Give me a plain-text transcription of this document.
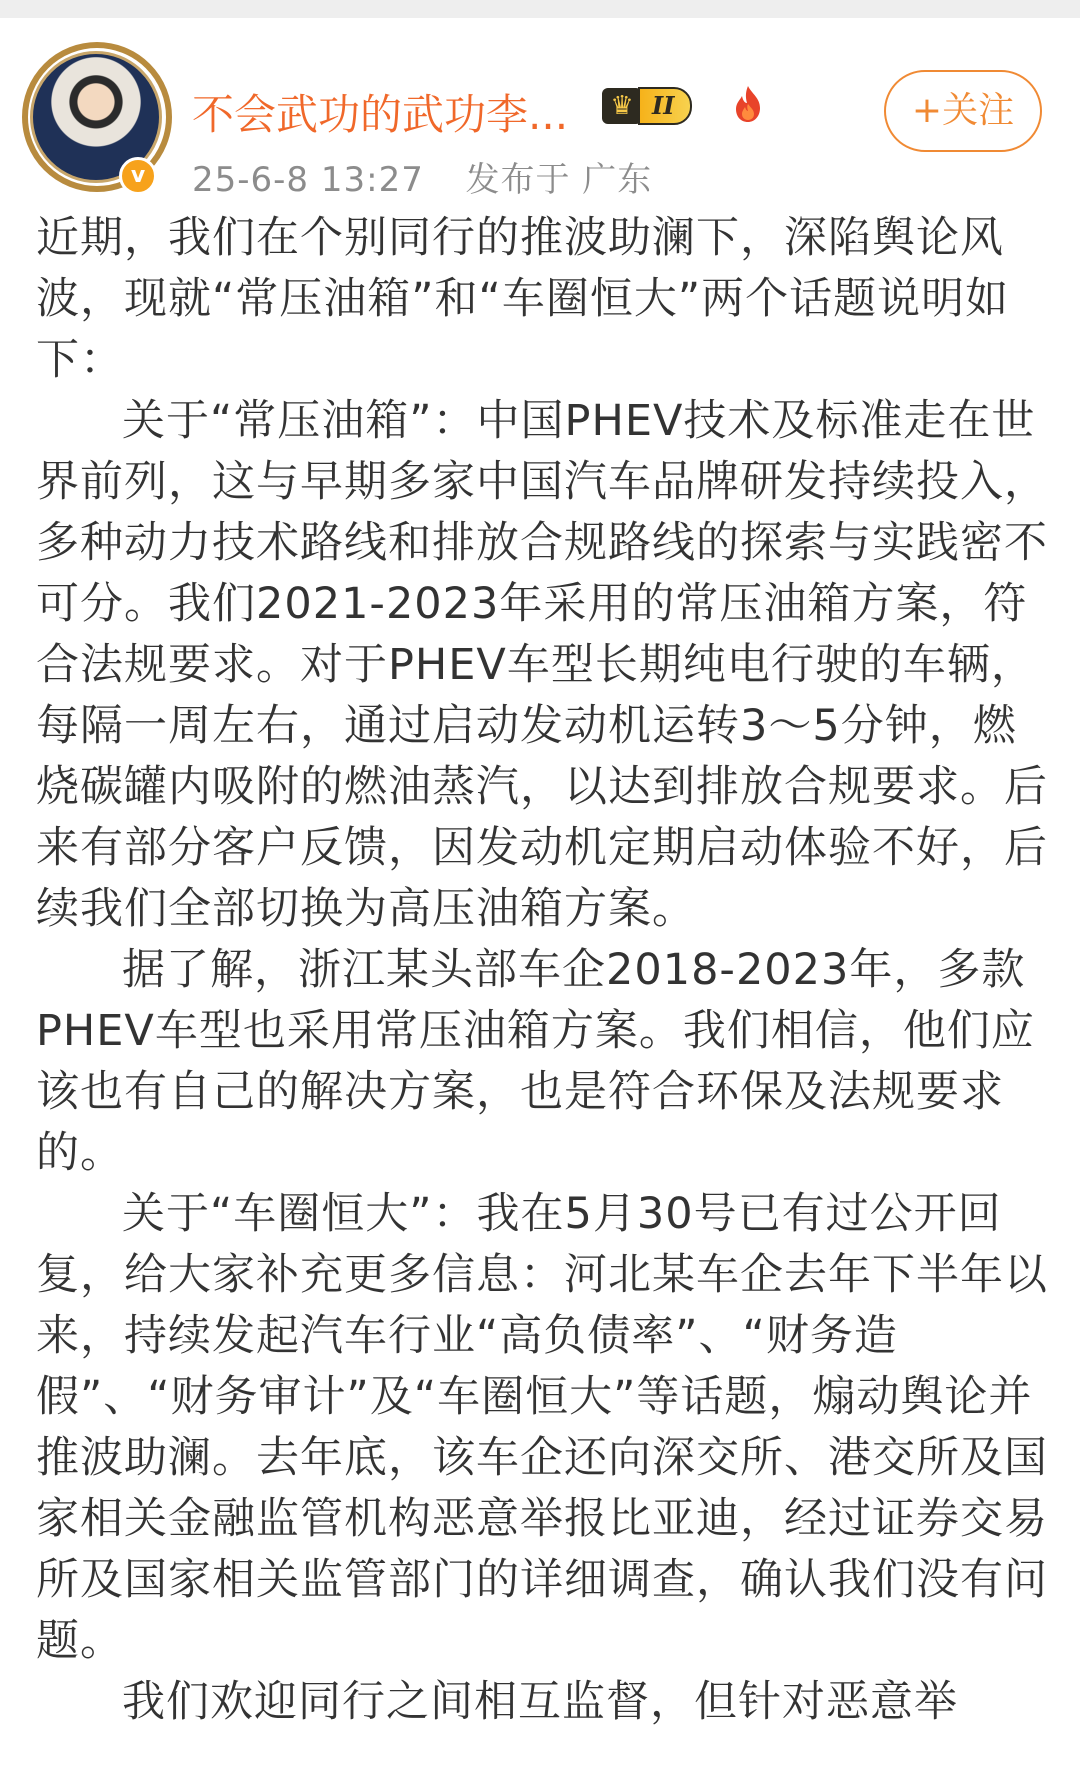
v
不会武功的武功李...	♛ II	+关注
25-6-8 13:27 发布于 广东

近期，我们在个别同行的推波助澜下，深陷舆论风波，现就“常压油箱”和“车圈恒大”两个话题说明如下：

关于“常压油箱”：中国PHEV技术及标准走在世界前列，这与早期多家中国汽车品牌研发持续投入，多种动力技术路线和排放合规路线的探索与实践密不可分。我们2021-2023年采用的常压油箱方案，符合法规要求。对于PHEV车型长期纯电行驶的车辆，每隔一周左右，通过启动发动机运转3～5分钟，燃烧碳罐内吸附的燃油蒸汽，以达到排放合规要求。后来有部分客户反馈，因发动机定期启动体验不好，后续我们全部切换为高压油箱方案。

据了解，浙江某头部车企2018-2023年，多款PHEV车型也采用常压油箱方案。我们相信，他们应该也有自己的解决方案，也是符合环保及法规要求的。

关于“车圈恒大”：我在5月30号已有过公开回复，给大家补充更多信息：河北某车企去年下半年以来，持续发起汽车行业“高负债率”、“财务造假”、“财务审计”及“车圈恒大”等话题，煽动舆论并推波助澜。去年底，该车企还向深交所、港交所及国家相关金融监管机构恶意举报比亚迪，经过证券交易所及国家相关监管部门的详细调查，确认我们没有问题。

我们欢迎同行之间相互监督，但针对恶意举
